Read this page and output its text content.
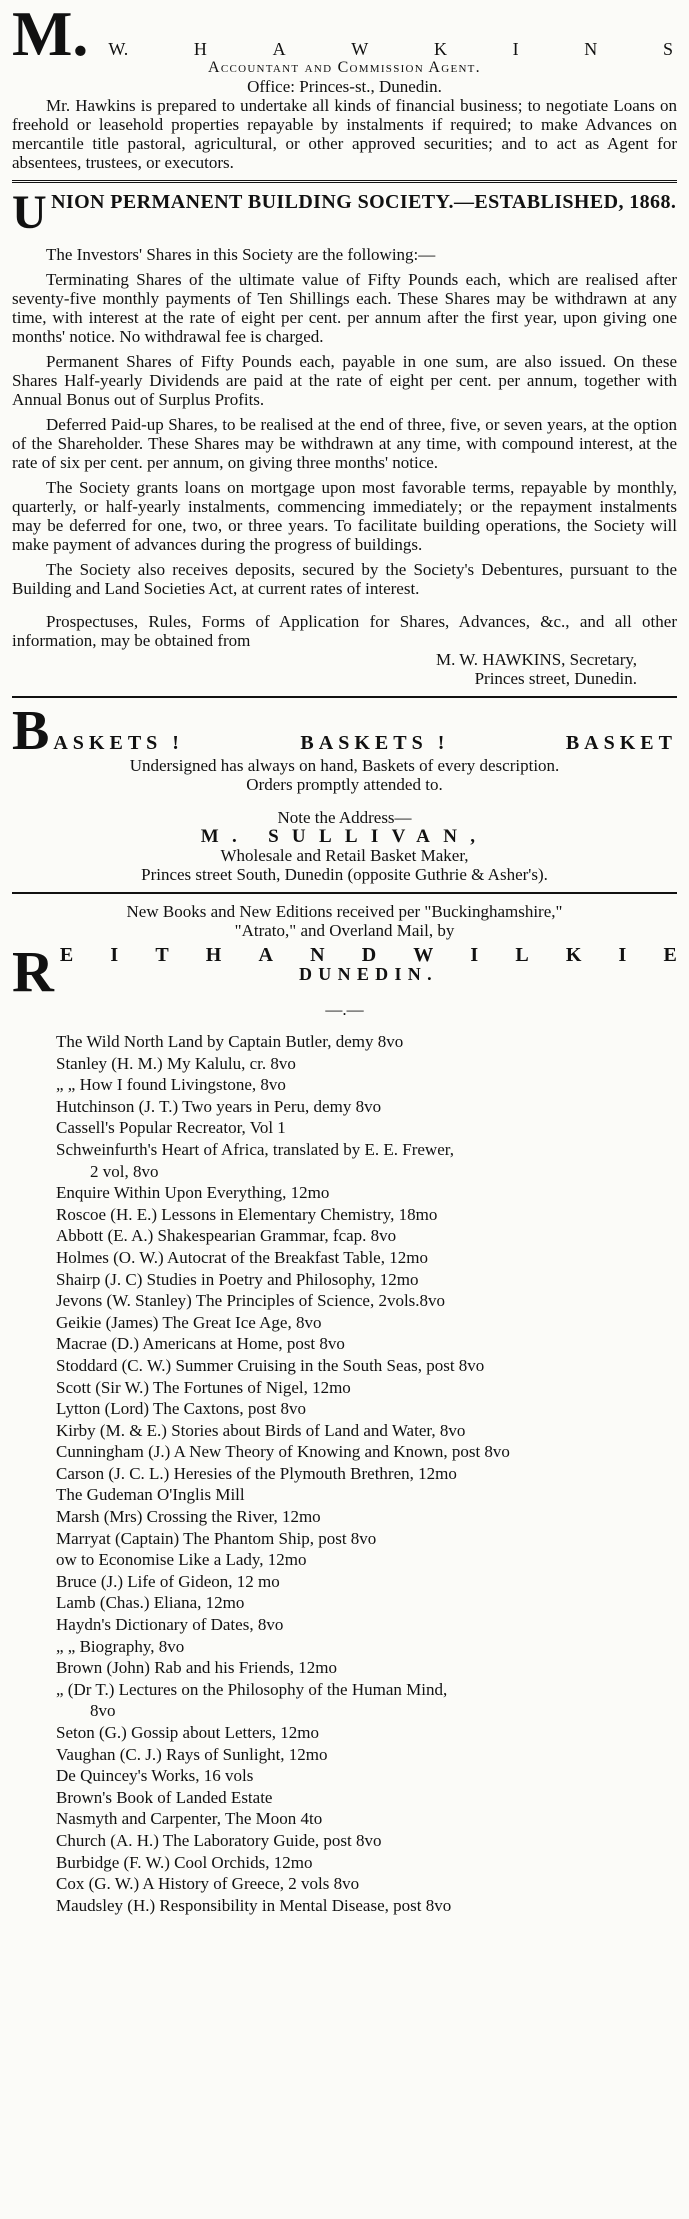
M. W.	H	A	W	K	I	N	S
Accountant and Commission Agent.
Office: Princes-st., Dunedin.

Mr. Hawkins is prepared to undertake all kinds of financial business; to negotiate Loans on freehold or leasehold properties repayable by instalments if required; to make Advances on mercantile title pastoral, agricultural, or other approved securities; and to act as Agent for absentees, trustees, or executors.

U NION PERMANENT BUILDING SOCIETY.—ESTABLISHED, 1868.

The Investors' Shares in this Society are the following:—

Terminating Shares of the ultimate value of Fifty Pounds each, which are realised after seventy-five monthly payments of Ten Shillings each. These Shares may be withdrawn at any time, with interest at the rate of eight per cent. per annum after the first year, upon giving one months' notice. No withdrawal fee is charged.

Permanent Shares of Fifty Pounds each, payable in one sum, are also issued. On these Shares Half-yearly Dividends are paid at the rate of eight per cent. per annum, together with Annual Bonus out of Surplus Profits.

Deferred Paid-up Shares, to be realised at the end of three, five, or seven years, at the option of the Shareholder. These Shares may be withdrawn at any time, with compound interest, at the rate of six per cent. per annum, on giving three months' notice.

The Society grants loans on mortgage upon most favorable terms, repayable by monthly, quarterly, or half-yearly instalments, commencing immediately; or the repayment instalments may be deferred for one, two, or three years. To facilitate building operations, the Society will make payment of advances during the progress of buildings.

The Society also receives deposits, secured by the Society's Debentures, pursuant to the Building and Land Societies Act, at current rates of interest.

Prospectuses, Rules, Forms of Application for Shares, Advances, &c., and all other information, may be obtained from

M. W. HAWKINS, Secretary,
Princes street, Dunedin.
B ASKETS !	BASKETS !	BASKET
Undersigned has always on hand, Baskets of every description.
Orders promptly attended to.
Note the Address—
M. SULLIVAN,
Wholesale and Retail Basket Maker,
Princes street South, Dunedin (opposite Guthrie & Asher's).
New Books and New Editions received per "Buckinghamshire,"
"Atrato," and Overland Mail, by
R E I T H A N D W I L K I E
DUNEDIN.
—.—
The Wild North Land by Captain Butler, demy 8vo
Stanley (H. M.) My Kalulu, cr. 8vo
„ „ How I found Livingstone, 8vo
Hutchinson (J. T.) Two years in Peru, demy 8vo
Cassell's Popular Recreator, Vol 1
Schweinfurth's Heart of Africa, translated by E. E. Frewer,
2 vol, 8vo
Enquire Within Upon Everything, 12mo
Roscoe (H. E.) Lessons in Elementary Chemistry, 18mo
Abbott (E. A.) Shakespearian Grammar, fcap. 8vo
Holmes (O. W.) Autocrat of the Breakfast Table, 12mo
Shairp (J. C) Studies in Poetry and Philosophy, 12mo
Jevons (W. Stanley) The Principles of Science, 2vols.8vo
Geikie (James) The Great Ice Age, 8vo
Macrae (D.) Americans at Home, post 8vo
Stoddard (C. W.) Summer Cruising in the South Seas, post 8vo
Scott (Sir W.) The Fortunes of Nigel, 12mo
Lytton (Lord) The Caxtons, post 8vo
Kirby (M. & E.) Stories about Birds of Land and Water, 8vo
Cunningham (J.) A New Theory of Knowing and Known, post 8vo
Carson (J. C. L.) Heresies of the Plymouth Brethren, 12mo
The Gudeman O'Inglis Mill
Marsh (Mrs) Crossing the River, 12mo
Marryat (Captain) The Phantom Ship, post 8vo
ow to Economise Like a Lady, 12mo
Bruce (J.) Life of Gideon, 12 mo
Lamb (Chas.) Eliana, 12mo
Haydn's Dictionary of Dates, 8vo
„ „ Biography, 8vo
Brown (John) Rab and his Friends, 12mo
„ (Dr T.) Lectures on the Philosophy of the Human Mind,
8vo
Seton (G.) Gossip about Letters, 12mo
Vaughan (C. J.) Rays of Sunlight, 12mo
De Quincey's Works, 16 vols
Brown's Book of Landed Estate
Nasmyth and Carpenter, The Moon 4to
Church (A. H.) The Laboratory Guide, post 8vo
Burbidge (F. W.) Cool Orchids, 12mo
Cox (G. W.) A History of Greece, 2 vols 8vo
Maudsley (H.) Responsibility in Mental Disease, post 8vo
